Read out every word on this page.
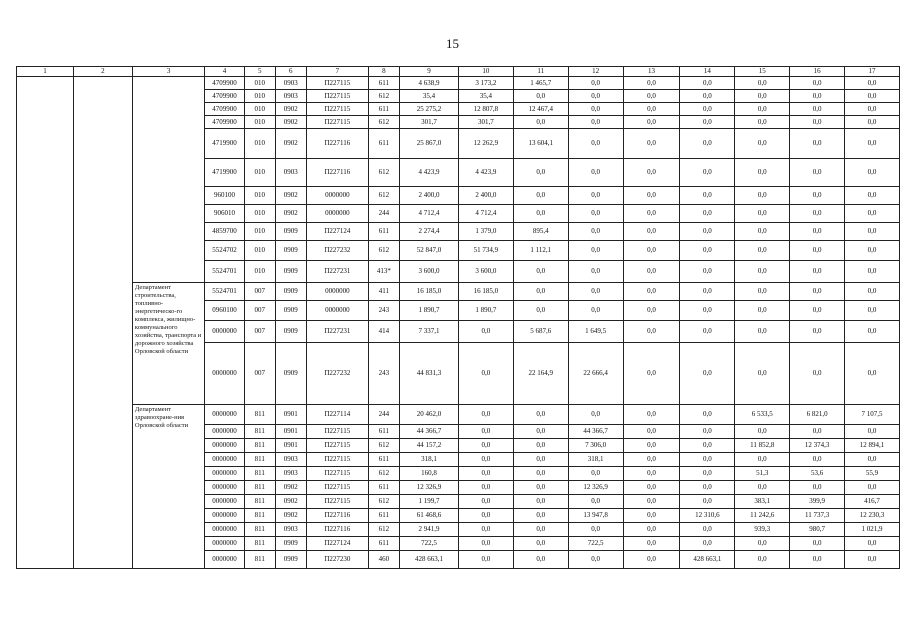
15
1	2	3	4	5	6	7	8	9	10	11	12	13	14	15	16	17
			4709900	010	0903	П227115	611	4 638,9	3 173,2	1 465,7	0,0	0,0	0,0	0,0	0,0	0,0
			4709900	010	0903	П227115	612	35,4	35,4	0,0	0,0	0,0	0,0	0,0	0,0	0,0
			4709900	010	0902	П227115	611	25 275,2	12 807,8	12 467,4	0,0	0,0	0,0	0,0	0,0	0,0
			4709900	010	0902	П227115	612	301,7	301,7	0,0	0,0	0,0	0,0	0,0	0,0	0,0
			4719900	010	0902	П227116	611	25 867,0	12 262,9	13 604,1	0,0	0,0	0,0	0,0	0,0	0,0
			4719900	010	0903	П227116	612	4 423,9	4 423,9	0,0	0,0	0,0	0,0	0,0	0,0	0,0
			960100	010	0902	0000000	612	2 400,0	2 400,0	0,0	0,0	0,0	0,0	0,0	0,0	0,0
			906010	010	0902	0000000	244	4 712,4	4 712,4	0,0	0,0	0,0	0,0	0,0	0,0	0,0
			4859700	010	0909	П227124	611	2 274,4	1 379,0	895,4	0,0	0,0	0,0	0,0	0,0	0,0
			5524702	010	0909	П227232	612	52 847,0	51 734,9	1 112,1	0,0	0,0	0,0	0,0	0,0	0,0
			5524701	010	0909	П227231	413*	3 600,0	3 600,0	0,0	0,0	0,0	0,0	0,0	0,0	0,0
		Департамент строительства, топливно-энергетическо-го комплекса, жилищно-коммунального хозяйства, транспорта и дорожного хозяйства Орловской области	5524701	007	0909	0000000	411	16 185,0	16 185,0	0,0	0,0	0,0	0,0	0,0	0,0	0,0
			0960100	007	0909	0000000	243	1 890,7	1 890,7	0,0	0,0	0,0	0,0	0,0	0,0	0,0
			0000000	007	0909	П227231	414	7 337,1	0,0	5 687,6	1 649,5	0,0	0,0	0,0	0,0	0,0
			0000000	007	0909	П227232	243	44 831,3	0,0	22 164,9	22 666,4	0,0	0,0	0,0	0,0	0,0
		Департамент здравоохране-ния Орловской области	0000000	811	0901	П227114	244	20 462,0	0,0	0,0	0,0	0,0	0,0	6 533,5	6 821,0	7 107,5
			0000000	811	0901	П227115	611	44 366,7	0,0	0,0	44 366,7	0,0	0,0	0,0	0,0	0,0
			0000000	811	0901	П227115	612	44 157,2	0,0	0,0	7 306,0	0,0	0,0	11 852,8	12 374,3	12 894,1
			0000000	811	0903	П227115	611	318,1	0,0	0,0	318,1	0,0	0,0	0,0	0,0	0,0
			0000000	811	0903	П227115	612	160,8	0,0	0,0	0,0	0,0	0,0	51,3	53,6	55,9
			0000000	811	0902	П227115	611	12 326,9	0,0	0,0	12 326,9	0,0	0,0	0,0	0,0	0,0
			0000000	811	0902	П227115	612	1 199,7	0,0	0,0	0,0	0,0	0,0	383,1	399,9	416,7
			0000000	811	0902	П227116	611	61 468,6	0,0	0,0	13 947,8	0,0	12 310,6	11 242,6	11 737,3	12 230,3
			0000000	811	0903	П227116	612	2 941,9	0,0	0,0	0,0	0,0	0,0	939,3	980,7	1 021,9
			0000000	811	0909	П227124	611	722,5	0,0	0,0	722,5	0,0	0,0	0,0	0,0	0,0
			0000000	811	0909	П227230	460	428 663,1	0,0	0,0	0,0	0,0	428 663,1	0,0	0,0	0,0
